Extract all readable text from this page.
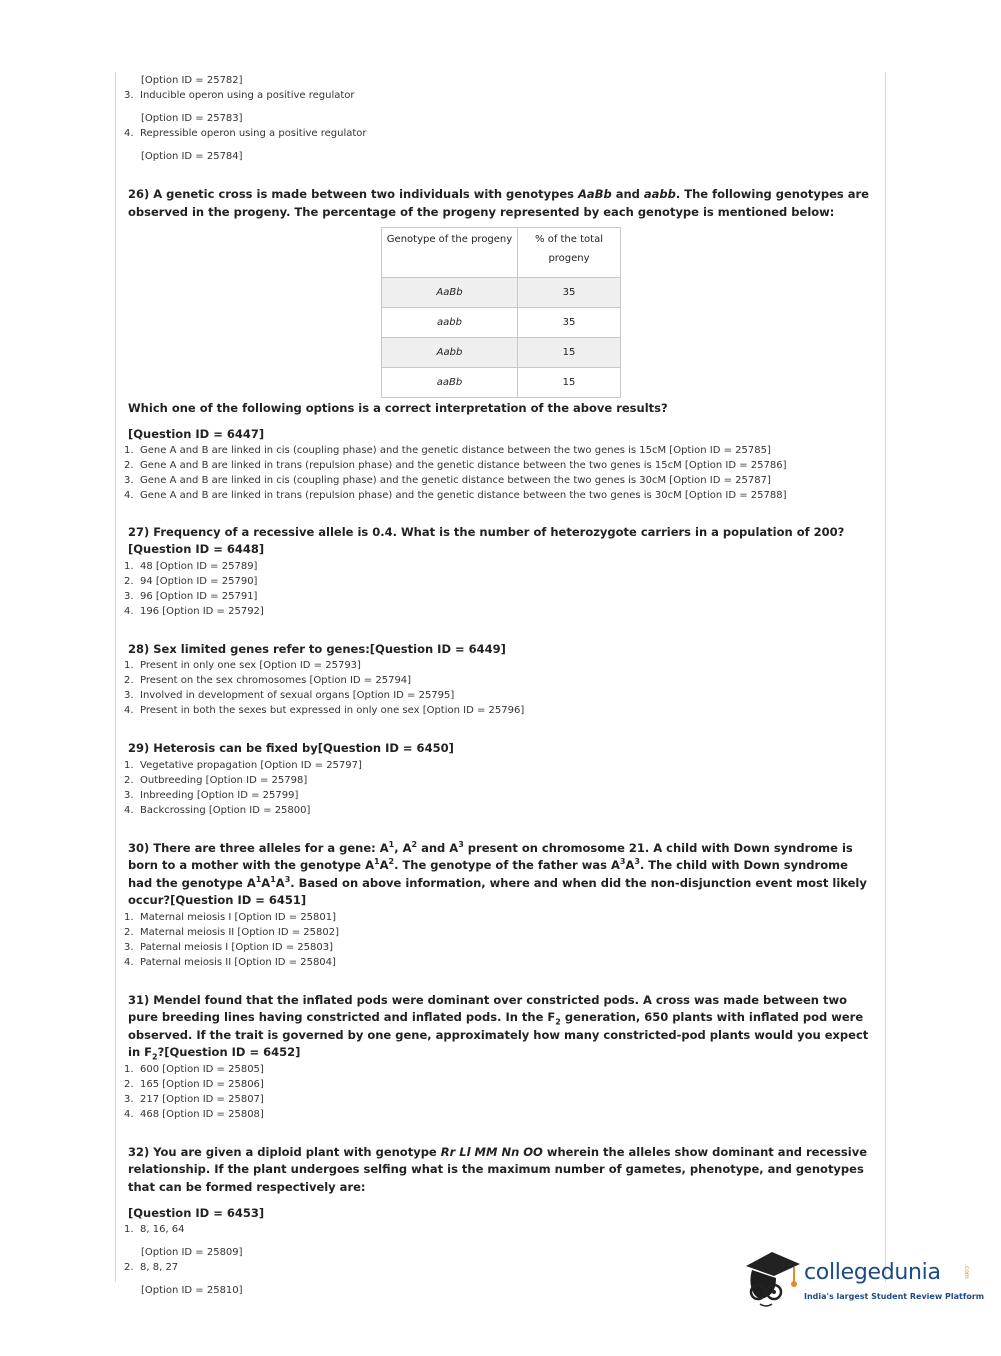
[Option ID = 25782]
3. Inducible operon using a positive regulator
[Option ID = 25783]
4. Repressible operon using a positive regulator
[Option ID = 25784]
26) A genetic cross is made between two individuals with genotypes AaBb and aabb. The following genotypes are observed in the progeny. The percentage of the progeny represented by each genotype is mentioned below:
Genotype of the progeny	% of the total progeny
AaBb	35
aabb	35
Aabb	15
aaBb	15
Which one of the following options is a correct interpretation of the above results?
[Question ID = 6447]
1. Gene A and B are linked in cis (coupling phase) and the genetic distance between the two genes is 15cM [Option ID = 25785]
2. Gene A and B are linked in trans (repulsion phase) and the genetic distance between the two genes is 15cM [Option ID = 25786]
3. Gene A and B are linked in cis (coupling phase) and the genetic distance between the two genes is 30cM [Option ID = 25787]
4. Gene A and B are linked in trans (repulsion phase) and the genetic distance between the two genes is 30cM [Option ID = 25788]
27) Frequency of a recessive allele is 0.4. What is the number of heterozygote carriers in a population of 200?[Question ID = 6448]
1. 48 [Option ID = 25789]
2. 94 [Option ID = 25790]
3. 96 [Option ID = 25791]
4. 196 [Option ID = 25792]
28) Sex limited genes refer to genes:[Question ID = 6449]
1. Present in only one sex [Option ID = 25793]
2. Present on the sex chromosomes [Option ID = 25794]
3. Involved in development of sexual organs [Option ID = 25795]
4. Present in both the sexes but expressed in only one sex [Option ID = 25796]
29) Heterosis can be fixed by[Question ID = 6450]
1. Vegetative propagation [Option ID = 25797]
2. Outbreeding [Option ID = 25798]
3. Inbreeding [Option ID = 25799]
4. Backcrossing [Option ID = 25800]
30) There are three alleles for a gene: $A^1$, $A^2$ and $A^3$ present on chromosome 21. A child with Down syndrome is born to a mother with the genotype $A^1A^2$. The genotype of the father was $A^3A^3$. The child with Down syndrome had the genotype $A^1A^1A^3$. Based on above information, where and when did the non-disjunction event most likely occur?[Question ID = 6451]
1. Maternal meiosis I [Option ID = 25801]
2. Maternal meiosis II [Option ID = 25802]
3. Paternal meiosis I [Option ID = 25803]
4. Paternal meiosis II [Option ID = 25804]
31) Mendel found that the inflated pods were dominant over constricted pods. A cross was made between two pure breeding lines having constricted and inflated pods. In the $F_2$ generation, 650 plants with inflated pod were observed. If the trait is governed by one gene, approximately how many constricted-pod plants would you expect in $F_2?[Question$ ID = 6452]
1. 600 [Option ID = 25805]
2. 165 [Option ID = 25806]
3. 217 [Option ID = 25807]
4. 468 [Option ID = 25808]
32) You are given a diploid plant with genotype Rr Ll MM Nn OO wherein the alleles show dominant and recessive relationship. If the plant undergoes selfing what is the maximum number of gametes, phenotype, and genotypes that can be formed respectively are:
[Question ID = 6453]
1. 8, 16, 64
[Option ID = 25809]
2. 8, 8, 27
[Option ID = 25810]
collegedunia	.com
India's largest Student Review Platform
